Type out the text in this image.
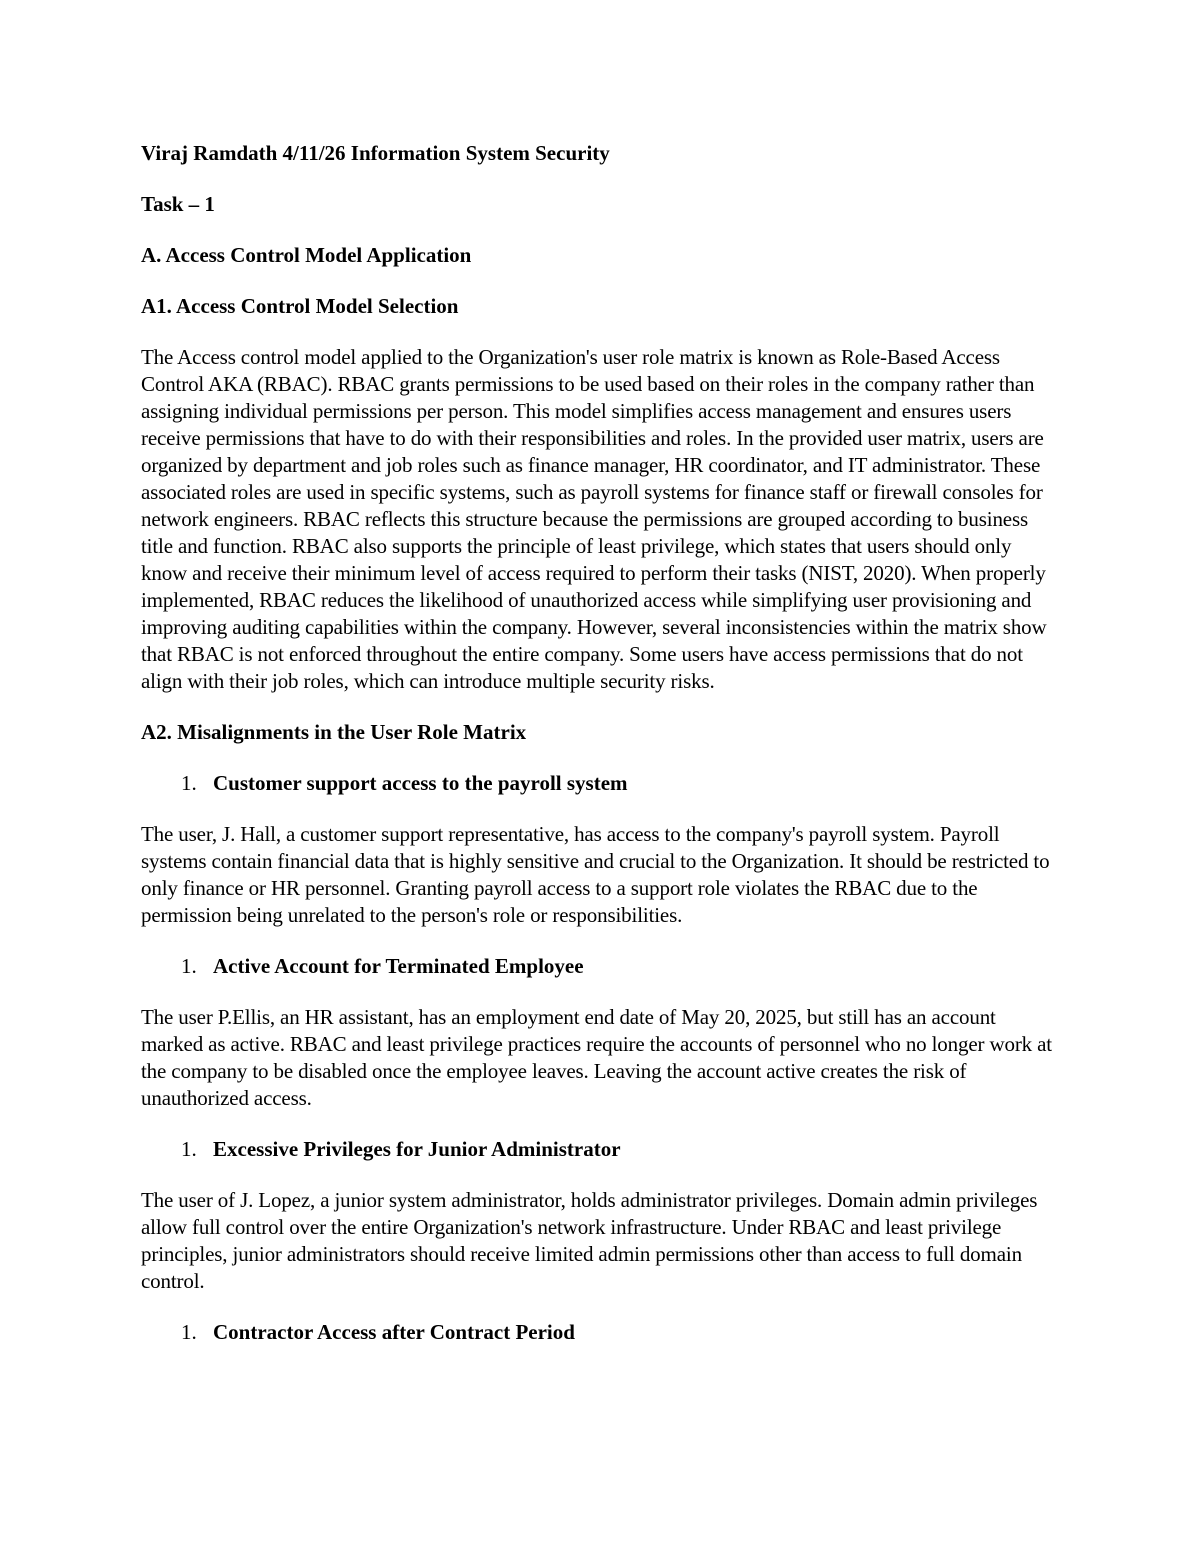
Viraj Ramdath 4/11/26 Information System Security
Task – 1
A. Access Control Model Application
A1. Access Control Model Selection

The Access control model applied to the Organization's user role matrix is known as Role-Based Access Control AKA (RBAC). RBAC grants permissions to be used based on their roles in the company rather than assigning individual permissions per person. This model simplifies access management and ensures users receive permissions that have to do with their responsibilities and roles. In the provided user matrix, users are organized by department and job roles such as finance manager, HR coordinator, and IT administrator. These associated roles are used in specific systems, such as payroll systems for finance staff or firewall consoles for network engineers. RBAC reflects this structure because the permissions are grouped according to business title and function. RBAC also supports the principle of least privilege, which states that users should only know and receive their minimum level of access required to perform their tasks (NIST, 2020). When properly implemented, RBAC reduces the likelihood of unauthorized access while simplifying user provisioning and improving auditing capabilities within the company. However, several inconsistencies within the matrix show that RBAC is not enforced throughout the entire company. Some users have access permissions that do not align with their job roles, which can introduce multiple security risks.

A2. Misalignments in the User Role Matrix
1. Customer support access to the payroll system

The user, J. Hall, a customer support representative, has access to the company's payroll system. Payroll systems contain financial data that is highly sensitive and crucial to the Organization. It should be restricted to only finance or HR personnel. Granting payroll access to a support role violates the RBAC due to the permission being unrelated to the person's role or responsibilities.

1. Active Account for Terminated Employee

The user P.Ellis, an HR assistant, has an employment end date of May 20, 2025, but still has an account marked as active. RBAC and least privilege practices require the accounts of personnel who no longer work at the company to be disabled once the employee leaves. Leaving the account active creates the risk of unauthorized access.

1. Excessive Privileges for Junior Administrator

The user of J. Lopez, a junior system administrator, holds administrator privileges. Domain admin privileges allow full control over the entire Organization's network infrastructure. Under RBAC and least privilege principles, junior administrators should receive limited admin permissions other than access to full domain control.

1. Contractor Access after Contract Period
